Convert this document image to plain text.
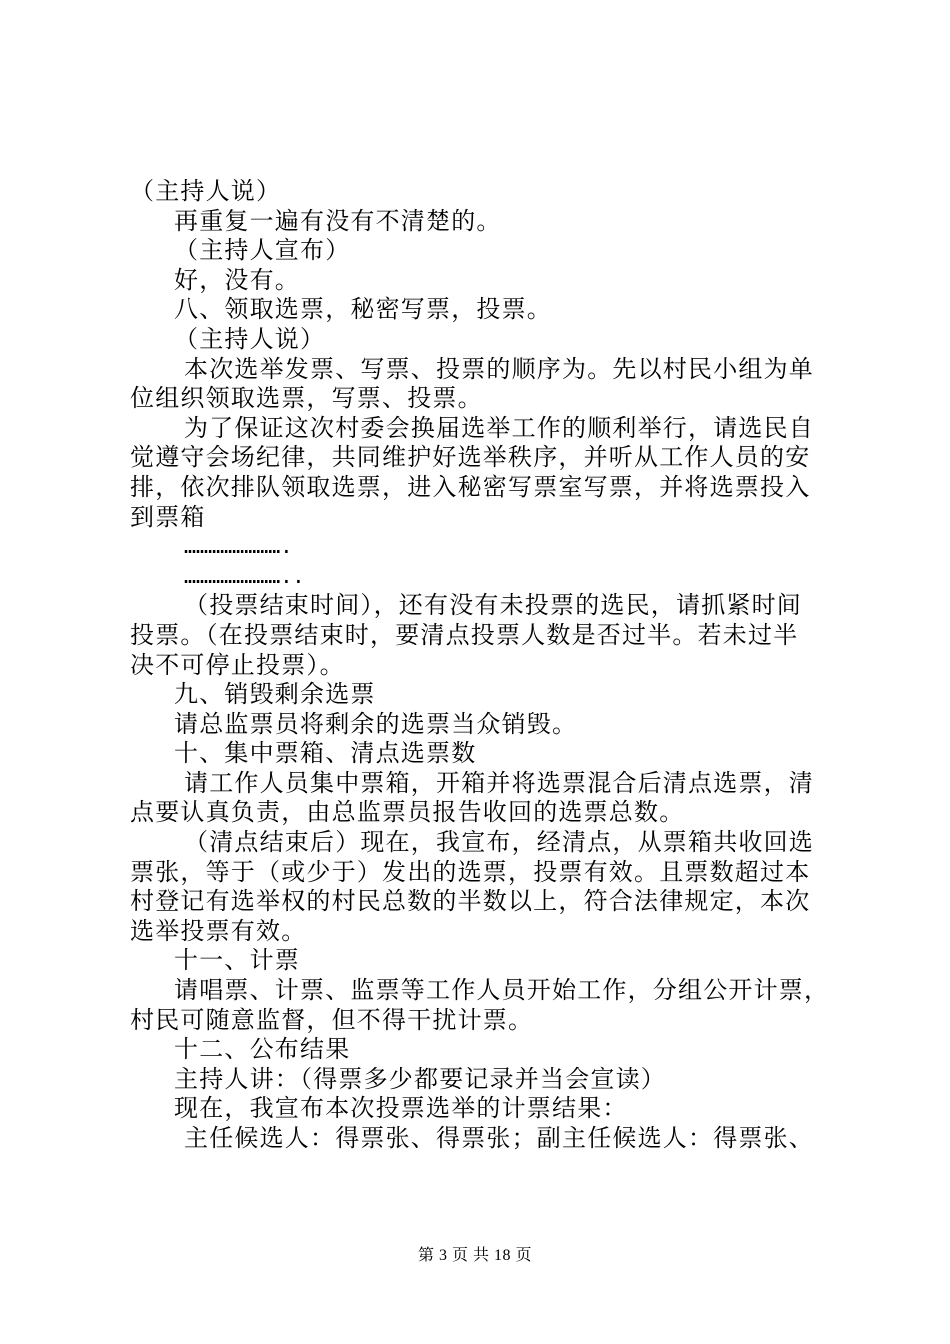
（主持人说）
再重复一遍有没有不清楚的。
（主持人宣布）
好，没有。
八、领取选票，秘密写票，投票。
（主持人说）
本次选举发票、写票、投票的顺序为。先以村民小组为单
位组织领取选票，写票、投票。
为了保证这次村委会换届选举工作的顺利举行，请选民自
觉遵守会场纪律，共同维护好选举秩序，并听从工作人员的安
排，依次排队领取选票，进入秘密写票室写票，并将选票投入
到票箱
…………………….
……………………..
（投票结束时间），还有没有未投票的选民，请抓紧时间
投票。（在投票结束时，要清点投票人数是否过半。若未过半
决不可停止投票）。
九、销毁剩余选票
请总监票员将剩余的选票当众销毁。
十、集中票箱、清点选票数
请工作人员集中票箱，开箱并将选票混合后清点选票，清
点要认真负责，由总监票员报告收回的选票总数。
（清点结束后）现在，我宣布，经清点，从票箱共收回选
票张，等于（或少于）发出的选票，投票有效。且票数超过本
村登记有选举权的村民总数的半数以上，符合法律规定，本次
选举投票有效。
十一、计票
请唱票、计票、监票等工作人员开始工作，分组公开计票，
村民可随意监督，但不得干扰计票。
十二、公布结果
主持人讲：（得票多少都要记录并当会宣读）
现在，我宣布本次投票选举的计票结果：
主任候选人：得票张、得票张；副主任候选人：得票张、
第 3 页 共 18 页
